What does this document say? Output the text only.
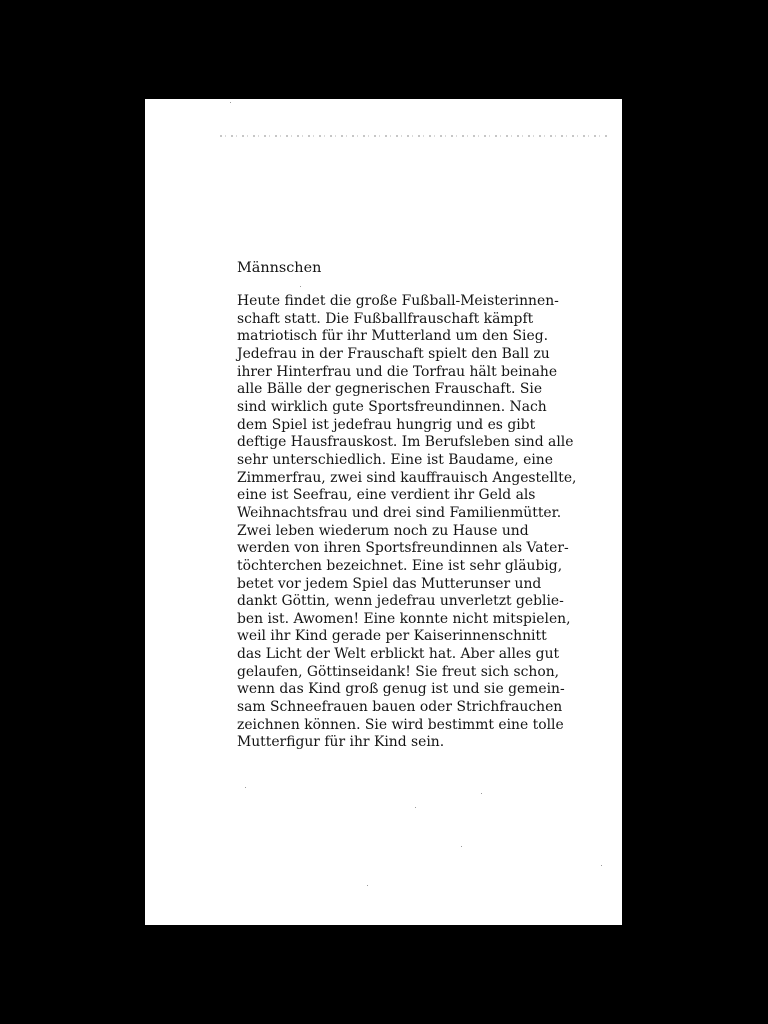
Männschen

Heute findet die große Fußball-Meisterinnen-
schaft statt. Die Fußballfrauschaft kämpft
matriotisch für ihr Mutterland um den Sieg.
Jedefrau in der Frauschaft spielt den Ball zu
ihrer Hinterfrau und die Torfrau hält beinahe
alle Bälle der gegnerischen Frauschaft. Sie
sind wirklich gute Sportsfreundinnen. Nach
dem Spiel ist jedefrau hungrig und es gibt
deftige Hausfrauskost. Im Berufsleben sind alle
sehr unterschiedlich. Eine ist Baudame, eine
Zimmerfrau, zwei sind kauffrauisch Angestellte,
eine ist Seefrau, eine verdient ihr Geld als
Weihnachtsfrau und drei sind Familienmütter.
Zwei leben wiederum noch zu Hause und
werden von ihren Sportsfreundinnen als Vater-
töchterchen bezeichnet. Eine ist sehr gläubig,
betet vor jedem Spiel das Mutterunser und
dankt Göttin, wenn jedefrau unverletzt geblie-
ben ist. Awomen! Eine konnte nicht mitspielen,
weil ihr Kind gerade per Kaiserinnenschnitt
das Licht der Welt erblickt hat. Aber alles gut
gelaufen, Göttinseidank! Sie freut sich schon,
wenn das Kind groß genug ist und sie gemein-
sam Schneefrauen bauen oder Strichfrauchen
zeichnen können. Sie wird bestimmt eine tolle
Mutterfigur für ihr Kind sein.
